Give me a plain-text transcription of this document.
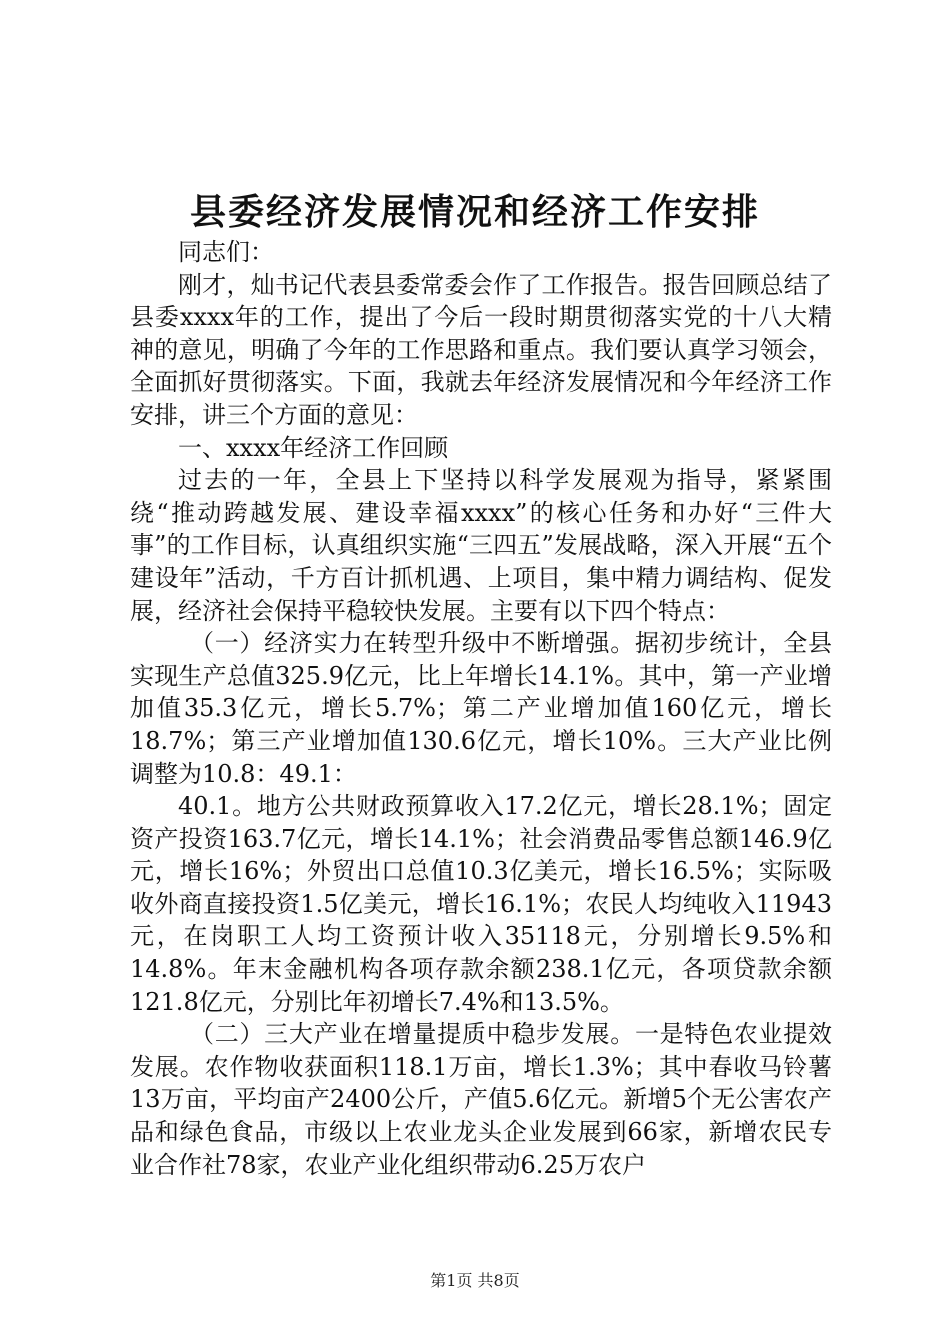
县委经济发展情况和经济工作安排

同志们：

刚才，灿书记代表县委常委会作了工作报告。报告回顾总结了县委xxxx年的工作，提出了今后一段时期贯彻落实党的十八大精神的意见，明确了今年的工作思路和重点。我们要认真学习领会，全面抓好贯彻落实。下面，我就去年经济发展情况和今年经济工作安排，讲三个方面的意见：

一、xxxx年经济工作回顾

过去的一年，全县上下坚持以科学发展观为指导，紧紧围绕“推动跨越发展、建设幸福xxxx”的核心任务和办好“三件大事”的工作目标，认真组织实施“三四五”发展战略，深入开展“五个建设年”活动，千方百计抓机遇、上项目，集中精力调结构、促发展，经济社会保持平稳较快发展。主要有以下四个特点：

（一）经济实力在转型升级中不断增强。据初步统计，全县实现生产总值325.9亿元，比上年增长14.1%。其中，第一产业增加值35.3亿元，增长5.7%；第二产业增加值160亿元，增长18.7%；第三产业增加值130.6亿元，增长10%。三大产业比例调整为10.8：49.1：

40.1。地方公共财政预算收入17.2亿元，增长28.1%；固定资产投资163.7亿元，增长14.1%；社会消费品零售总额146.9亿元，增长16%；外贸出口总值10.3亿美元，增长16.5%；实际吸收外商直接投资1.5亿美元，增长16.1%；农民人均纯收入11943元，在岗职工人均工资预计收入35118元，分别增长9.5%和14.8%。年末金融机构各项存款余额238.1亿元，各项贷款余额121.8亿元，分别比年初增长7.4%和13.5%。

（二）三大产业在增量提质中稳步发展。一是特色农业提效发展。农作物收获面积118.1万亩，增长1.3%；其中春收马铃薯13万亩，平均亩产2400公斤，产值5.6亿元。新增5个无公害农产品和绿色食品，市级以上农业龙头企业发展到66家，新增农民专业合作社78家，农业产业化组织带动6.25万农户

第1页 共8页
